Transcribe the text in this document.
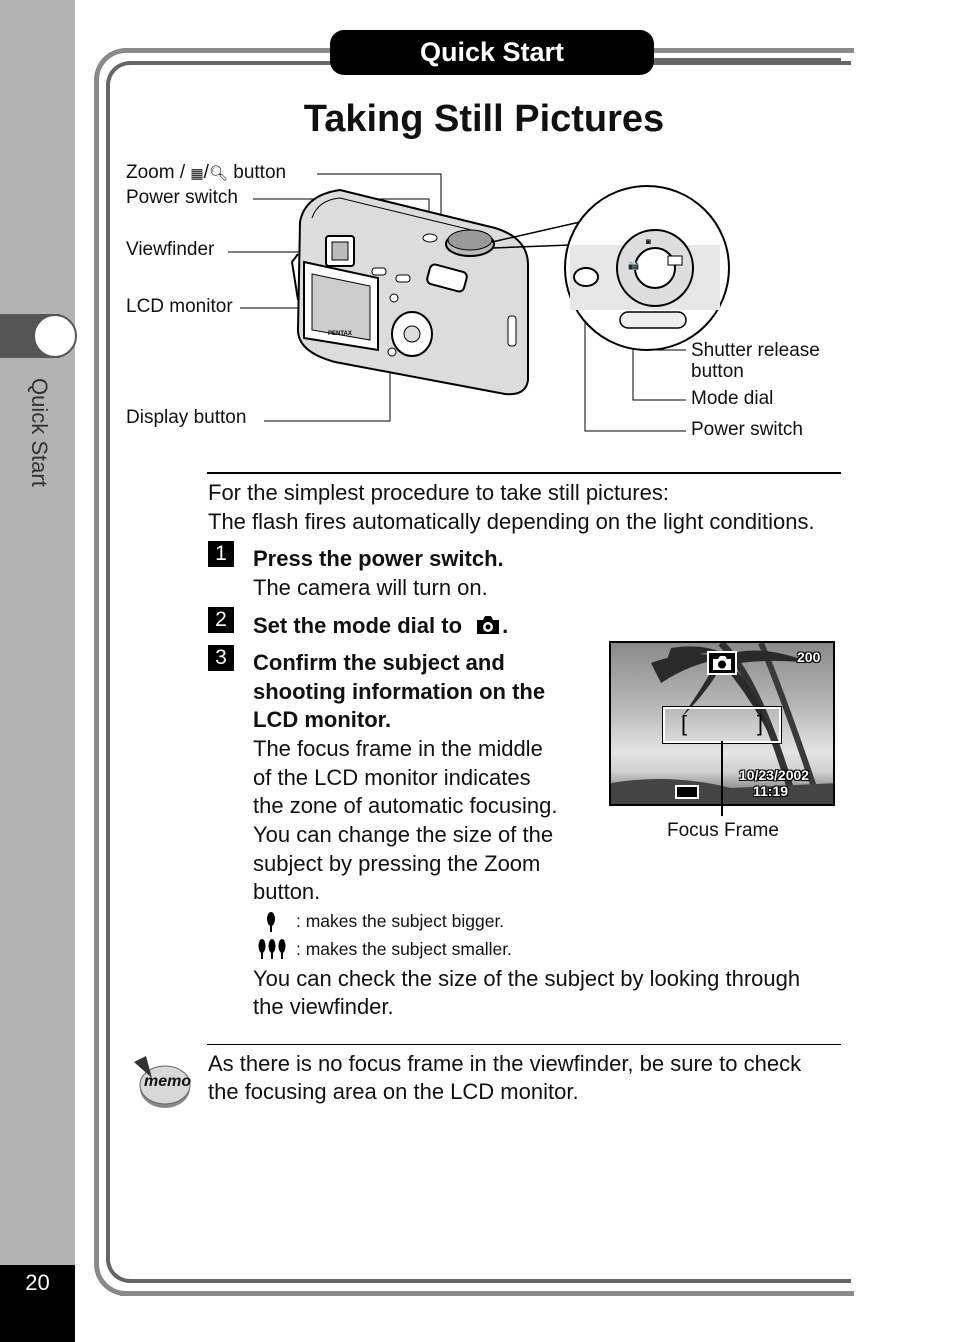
Quick Start
20
Quick Start
Taking Still Pictures
PENTAX
📷
◙
Zoom / ▦/🔍︎ button
Power switch
Viewfinder
LCD monitor
Display button
Shutter release
button
Mode dial
Power switch
For the simplest procedure to take still pictures:
The flash fires automatically depending on the light conditions.
1	Press the power switch.
The camera will turn on.
2	Set the mode dial to .
3	Confirm the subject and
shooting information on the
LCD monitor.
The focus frame in the middle
of the LCD monitor indicates
the zone of automatic focusing.
You can change the size of the
subject by pressing the Zoom
button.
: makes the subject bigger.
: makes the subject smaller.
You can check the size of the subject by looking through
the viewfinder.
200
[	]
10/23/2002
11:19
Focus Frame
memo
As there is no focus frame in the viewfinder, be sure to check
the focusing area on the LCD monitor.
